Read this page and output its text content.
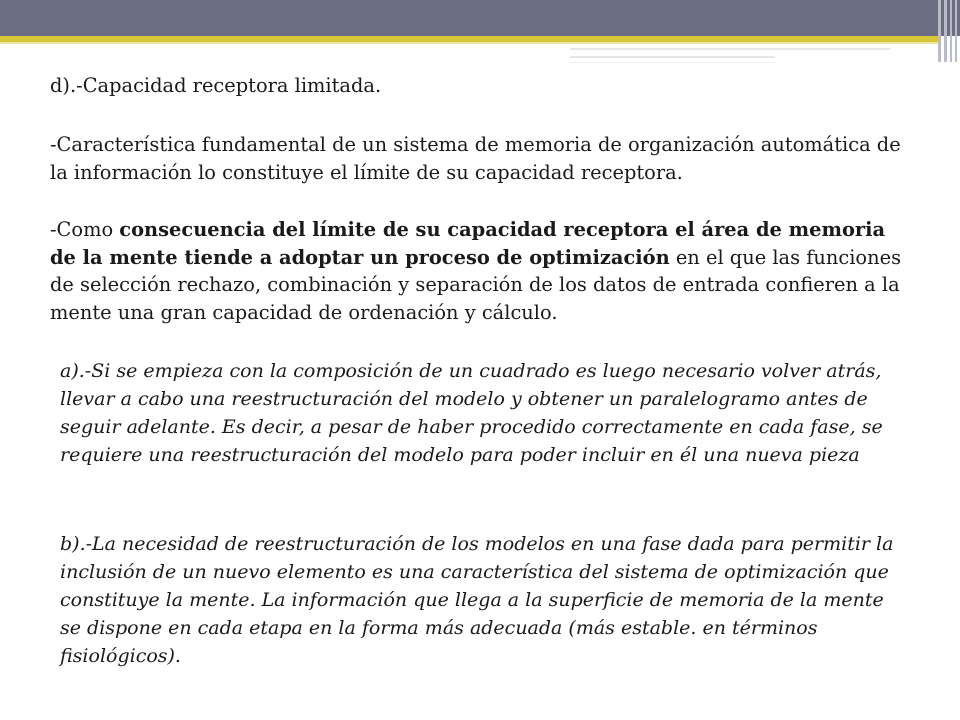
d).-Capacidad receptora limitada.

-Característica fundamental de un sistema de memoria de organización automática de la información lo constituye el límite de su capacidad receptora.

-Como consecuencia del límite de su capacidad receptora el área de memoria de la mente tiende a adoptar un proceso de optimización en el que las funciones de selección rechazo, combinación y separación de los datos de entrada confieren a la mente una gran capacidad de ordenación y cálculo.

a).-Si se empieza con la composición de un cuadrado es luego necesario volver atrás, llevar a cabo una reestructuración del modelo y obtener un paralelogramo antes de seguir adelante. Es decir, a pesar de haber procedido correctamente en cada fase, se requiere una reestructuración del modelo para poder incluir en él una nueva pieza

b).-La necesidad de reestructuración de los modelos en una fase dada para permitir la inclusión de un nuevo elemento es una característica del sistema de optimización que constituye la mente. La información que llega a la superficie de memoria de la mente se dispone en cada etapa en la forma más adecuada (más estable. en términos fisiológicos).
